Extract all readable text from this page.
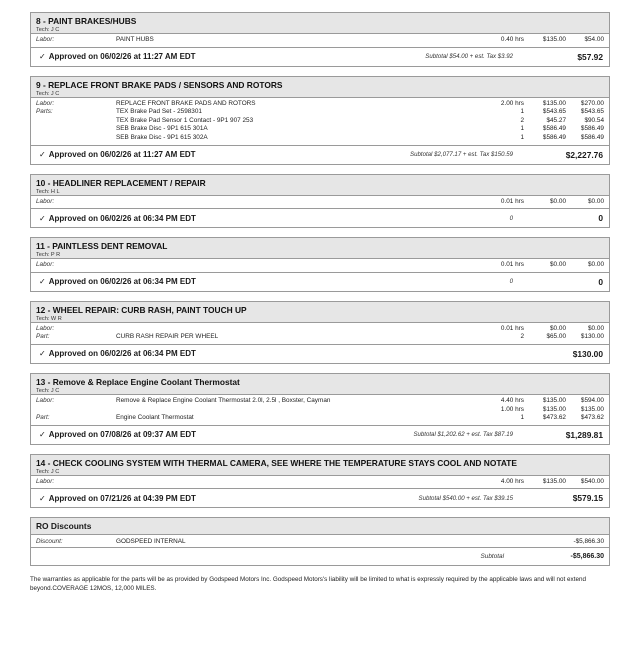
8 - PAINT BRAKES/HUBS
Tech: J C
Labor:	PAINT HUBS	0.40 hrs	$135.00	$54.00
✓ Approved on 06/02/26 at 11:27 AM EDT	Subtotal $54.00 + est. Tax $3.92	$57.92
9 - REPLACE FRONT BRAKE PADS / SENSORS AND ROTORS
Tech: J C
Labor:	REPLACE FRONT BRAKE PADS AND ROTORS	2.00 hrs	$135.00	$270.00
Parts:	TEX Brake Pad Set - 2598301	1	$543.65	$543.65
TEX Brake Pad Sensor 1 Contact - 9P1 907 253	2	$45.27	$90.54
SEB Brake Disc - 9P1 615 301A	1	$586.49	$586.49
SEB Brake Disc - 9P1 615 302A	1	$586.49	$586.49
✓ Approved on 06/02/26 at 11:27 AM EDT	Subtotal $2,077.17 + est. Tax $150.59	$2,227.76
10 - HEADLINER REPLACEMENT / REPAIR
Tech: H L
Labor:	0.01 hrs	$0.00	$0.00
✓ Approved on 06/02/26 at 06:34 PM EDT	0	0
11 - PAINTLESS DENT REMOVAL
Tech: P R
Labor:	0.01 hrs	$0.00	$0.00
✓ Approved on 06/02/26 at 06:34 PM EDT	0	0
12 - WHEEL REPAIR: CURB RASH, PAINT TOUCH UP
Tech: W R
Labor:	0.01 hrs	$0.00	$0.00
Part:	CURB RASH REPAIR PER WHEEL	2	$65.00	$130.00
✓ Approved on 06/02/26 at 06:34 PM EDT	$130.00
13 - Remove & Replace Engine Coolant Thermostat
Tech: J C
Labor:	Remove & Replace Engine Coolant Thermostat 2.0l, 2.5l , Boxster, Cayman	4.40 hrs	$135.00	$594.00
1.00 hrs	$135.00	$135.00
Part:	Engine Coolant Thermostat	1	$473.62	$473.62
✓ Approved on 07/08/26 at 09:37 AM EDT	Subtotal $1,202.62 + est. Tax $87.19	$1,289.81
14 - CHECK COOLING SYSTEM WITH THERMAL CAMERA, SEE WHERE THE TEMPERATURE STAYS COOL AND NOTATE
Tech: J C
Labor:	4.00 hrs	$135.00	$540.00
✓ Approved on 07/21/26 at 04:39 PM EDT	Subtotal $540.00 + est. Tax $39.15	$579.15
RO Discounts
Discount:	GODSPEED INTERNAL	-$5,866.30
Subtotal	-$5,866.30

The warranties as applicable for the parts will be as provided by Godspeed Motors Inc. Godspeed Motors's liability will be limited to what is expressly required by the applicable laws and will not extend beyond.COVERAGE 12MOS, 12,000 MILES.
